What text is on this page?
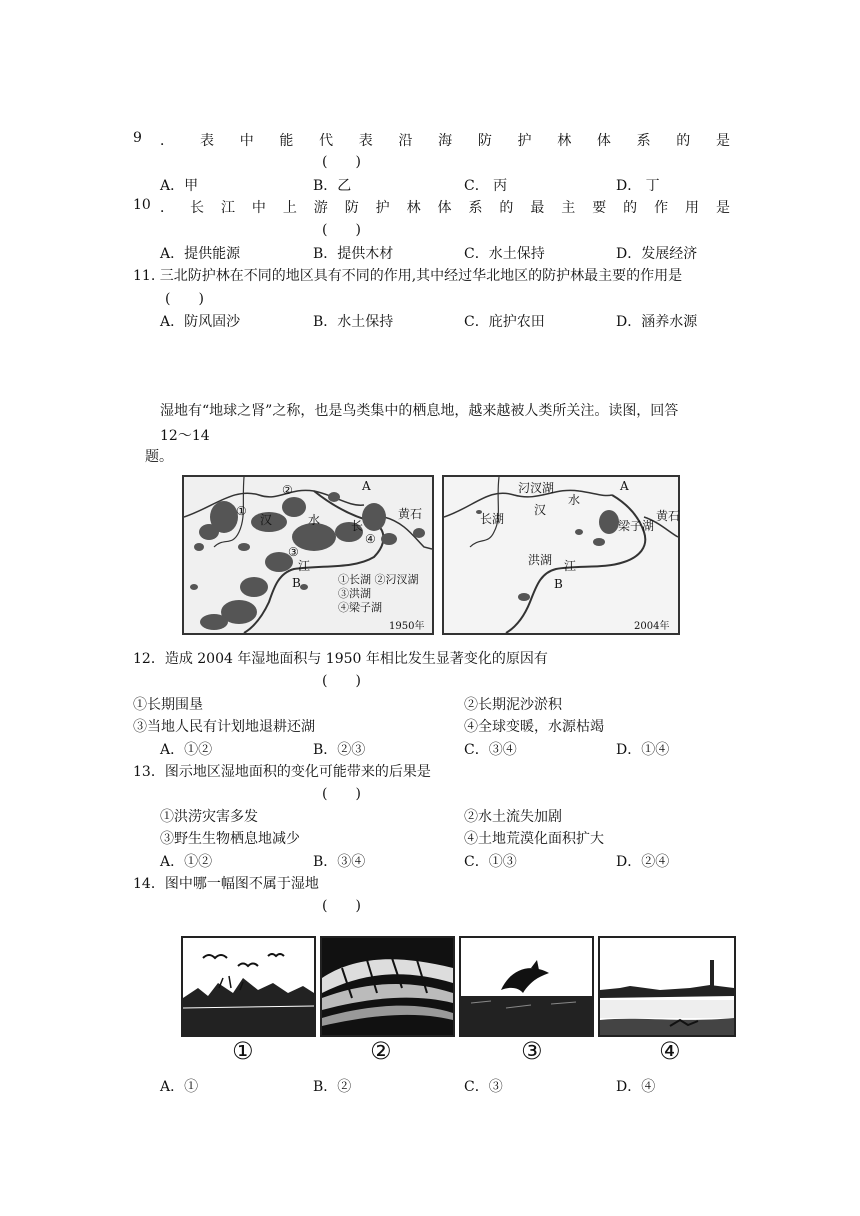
9 ． 表 中 能 代 表 沿 海 防 护 林 体 系 的 是
(　　)
A．甲	B．乙	C． 丙	D． 丁
10 ． 长 江 中 上 游 防 护 林 体 系 的 最 主 要 的 作 用 是
(　　)
A．提供能源	B．提供木材	C．水土保持	D．发展经济
11. 三北防护林在不同的地区具有不同的作用,其中经过华北地区的防护林最主要的作用是
(　　)
A．防风固沙	B．水土保持	C．庇护农田	D．涵养水源
湿地有“地球之肾”之称，也是鸟类集中的栖息地，越来越被人类所关注。读图，回答
12～14
题。
②	A
①
汉	水	长
③
④
黄石
江
B	①长湖 ②汈汊湖
③洪湖
④梁子湖
1950年
汈汊湖	A
水
长湖
汉
梁子湖
黄石
洪湖 江
B
2004年
12．造成 2004 年湿地面积与 1950 年相比发生显著变化的原因有
(　　)
①长期围垦	②长期泥沙淤积
③当地人民有计划地退耕还湖	④全球变暖，水源枯竭
A．①②	B．②③	C．③④	D．①④
13．图示地区湿地面积的变化可能带来的后果是
(　　)
①洪涝灾害多发	②水土流失加剧
③野生生物栖息地减少	④土地荒漠化面积扩大
A．①②	B．③④	C．①③	D．②④
14．图中哪一幅图不属于湿地
(　　)
①	②	③	④
A．①	B．②	C．③	D．④
